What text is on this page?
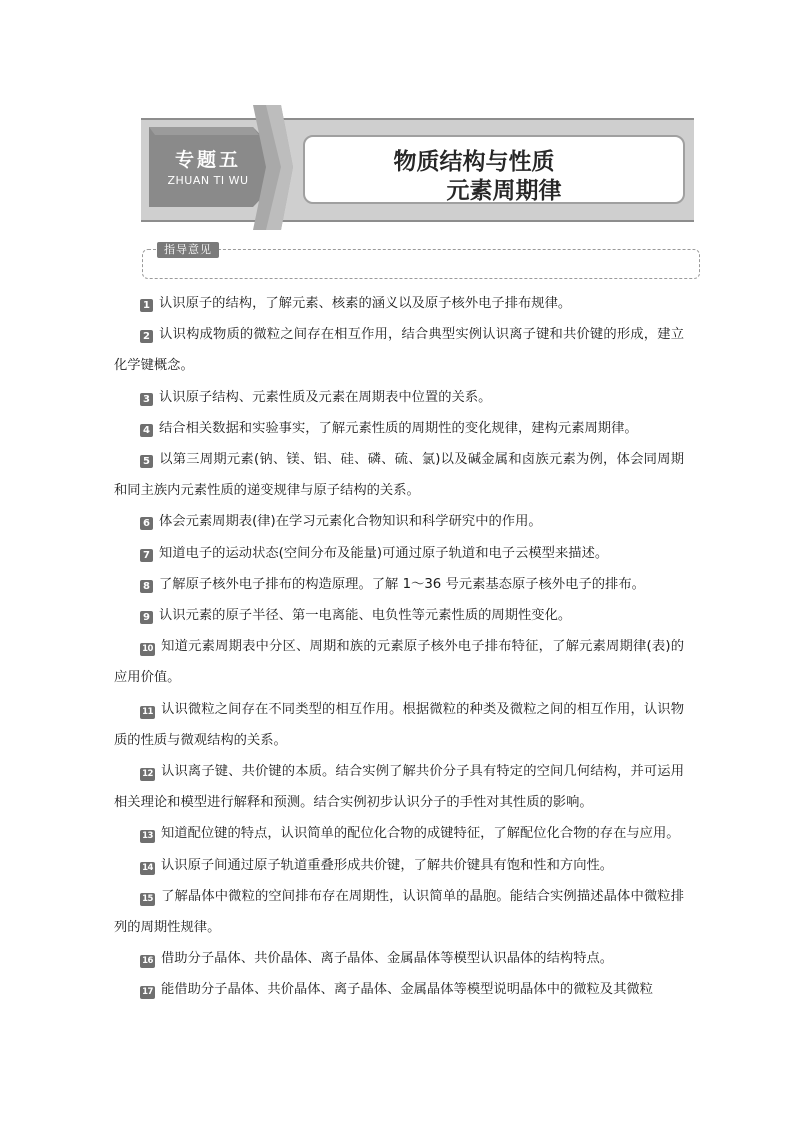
专题五
ZHUAN TI WU
物质结构与性质
元素周期律
指导意见

1 认识原子的结构，了解元素、核素的涵义以及原子核外电子排布规律。

2 认识构成物质的微粒之间存在相互作用，结合典型实例认识离子键和共价键的形成，建立化学键概念。

3 认识原子结构、元素性质及元素在周期表中位置的关系。

4 结合相关数据和实验事实，了解元素性质的周期性的变化规律，建构元素周期律。

5 以第三周期元素(钠、镁、铝、硅、磷、硫、氯)以及碱金属和卤族元素为例，体会同周期和同主族内元素性质的递变规律与原子结构的关系。

6 体会元素周期表(律)在学习元素化合物知识和科学研究中的作用。

7 知道电子的运动状态(空间分布及能量)可通过原子轨道和电子云模型来描述。

8 了解原子核外电子排布的构造原理。了解 1～36 号元素基态原子核外电子的排布。

9 认识元素的原子半径、第一电离能、电负性等元素性质的周期性变化。

10 知道元素周期表中分区、周期和族的元素原子核外电子排布特征，了解元素周期律(表)的应用价值。

11 认识微粒之间存在不同类型的相互作用。根据微粒的种类及微粒之间的相互作用，认识物质的性质与微观结构的关系。

12 认识离子键、共价键的本质。结合实例了解共价分子具有特定的空间几何结构，并可运用相关理论和模型进行解释和预测。结合实例初步认识分子的手性对其性质的影响。

13 知道配位键的特点，认识简单的配位化合物的成键特征，了解配位化合物的存在与应用。

14 认识原子间通过原子轨道重叠形成共价键，了解共价键具有饱和性和方向性。

15 了解晶体中微粒的空间排布存在周期性，认识简单的晶胞。能结合实例描述晶体中微粒排列的周期性规律。

16 借助分子晶体、共价晶体、离子晶体、金属晶体等模型认识晶体的结构特点。

17 能借助分子晶体、共价晶体、离子晶体、金属晶体等模型说明晶体中的微粒及其微粒
